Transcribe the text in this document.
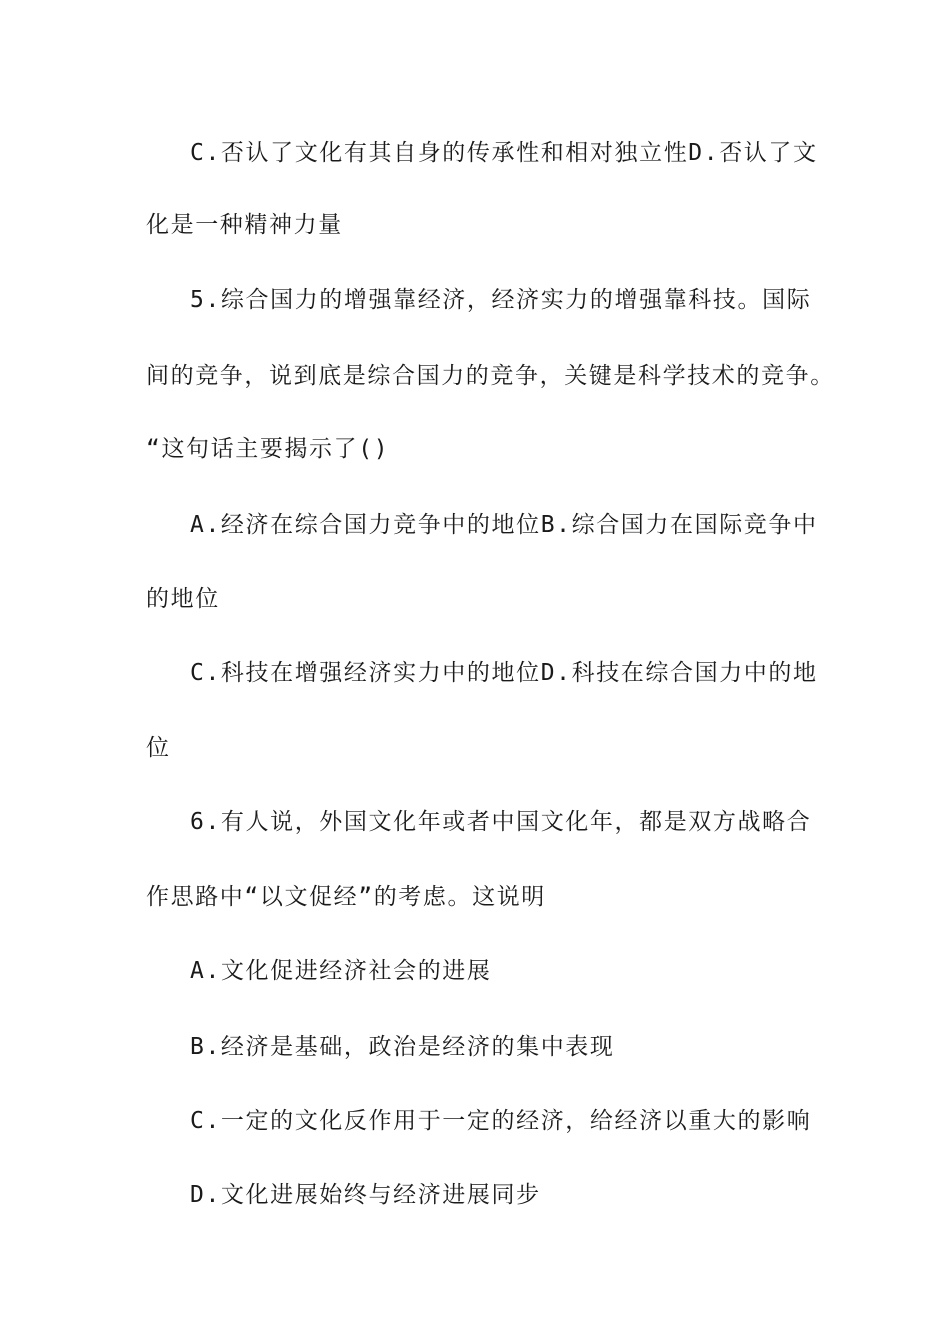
C.否认了文化有其自身的传承性和相对独立性D.否认了文
化是一种精神力量
5.综合国力的增强靠经济，经济实力的增强靠科技。国际
间的竞争，说到底是综合国力的竞争，关键是科学技术的竞争。
“这句话主要揭示了()
A.经济在综合国力竞争中的地位B.综合国力在国际竞争中
的地位
C.科技在增强经济实力中的地位D.科技在综合国力中的地
位
6.有人说，外国文化年或者中国文化年，都是双方战略合
作思路中“以文促经”的考虑。这说明
A.文化促进经济社会的进展
B.经济是基础，政治是经济的集中表现
C.一定的文化反作用于一定的经济，给经济以重大的影响
D.文化进展始终与经济进展同步
